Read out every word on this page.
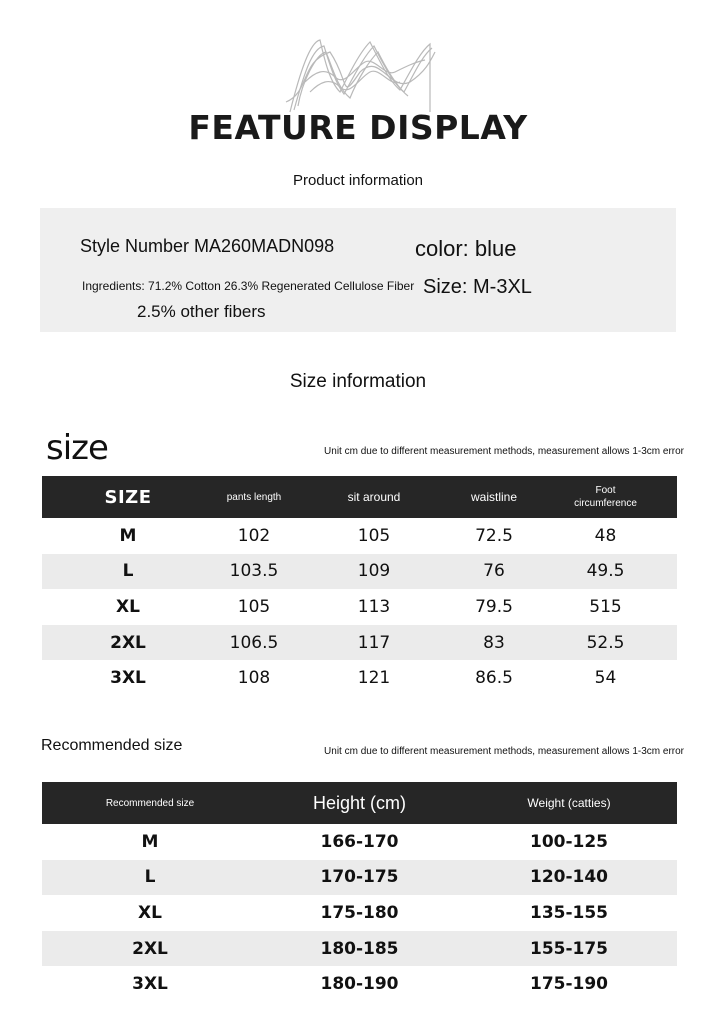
FEATURE DISPLAY
Product information
Style Number MA260MADN098	color: blue
Ingredients: 71.2% Cotton 26.3% Regenerated Cellulose Fiber Size: M-3XL
2.5% other fibers
Size information
size	Unit cm due to different measurement methods, measurement allows 1-3cm error
SIZE	pants length	sit around	waistline	Foot
circumference

M	102	105	72.5	48
L	103.5	109	76	49.5
XL	105	113	79.5	515
2XL	106.5	117	83	52.5
3XL	108	121	86.5	54
Recommended size	Unit cm due to different measurement methods, measurement allows 1-3cm error
Recommended size	Height (cm)	Weight (catties)
M	166-170	100-125
L	170-175	120-140
XL	175-180	135-155
2XL	180-185	155-175
3XL	180-190	175-190
